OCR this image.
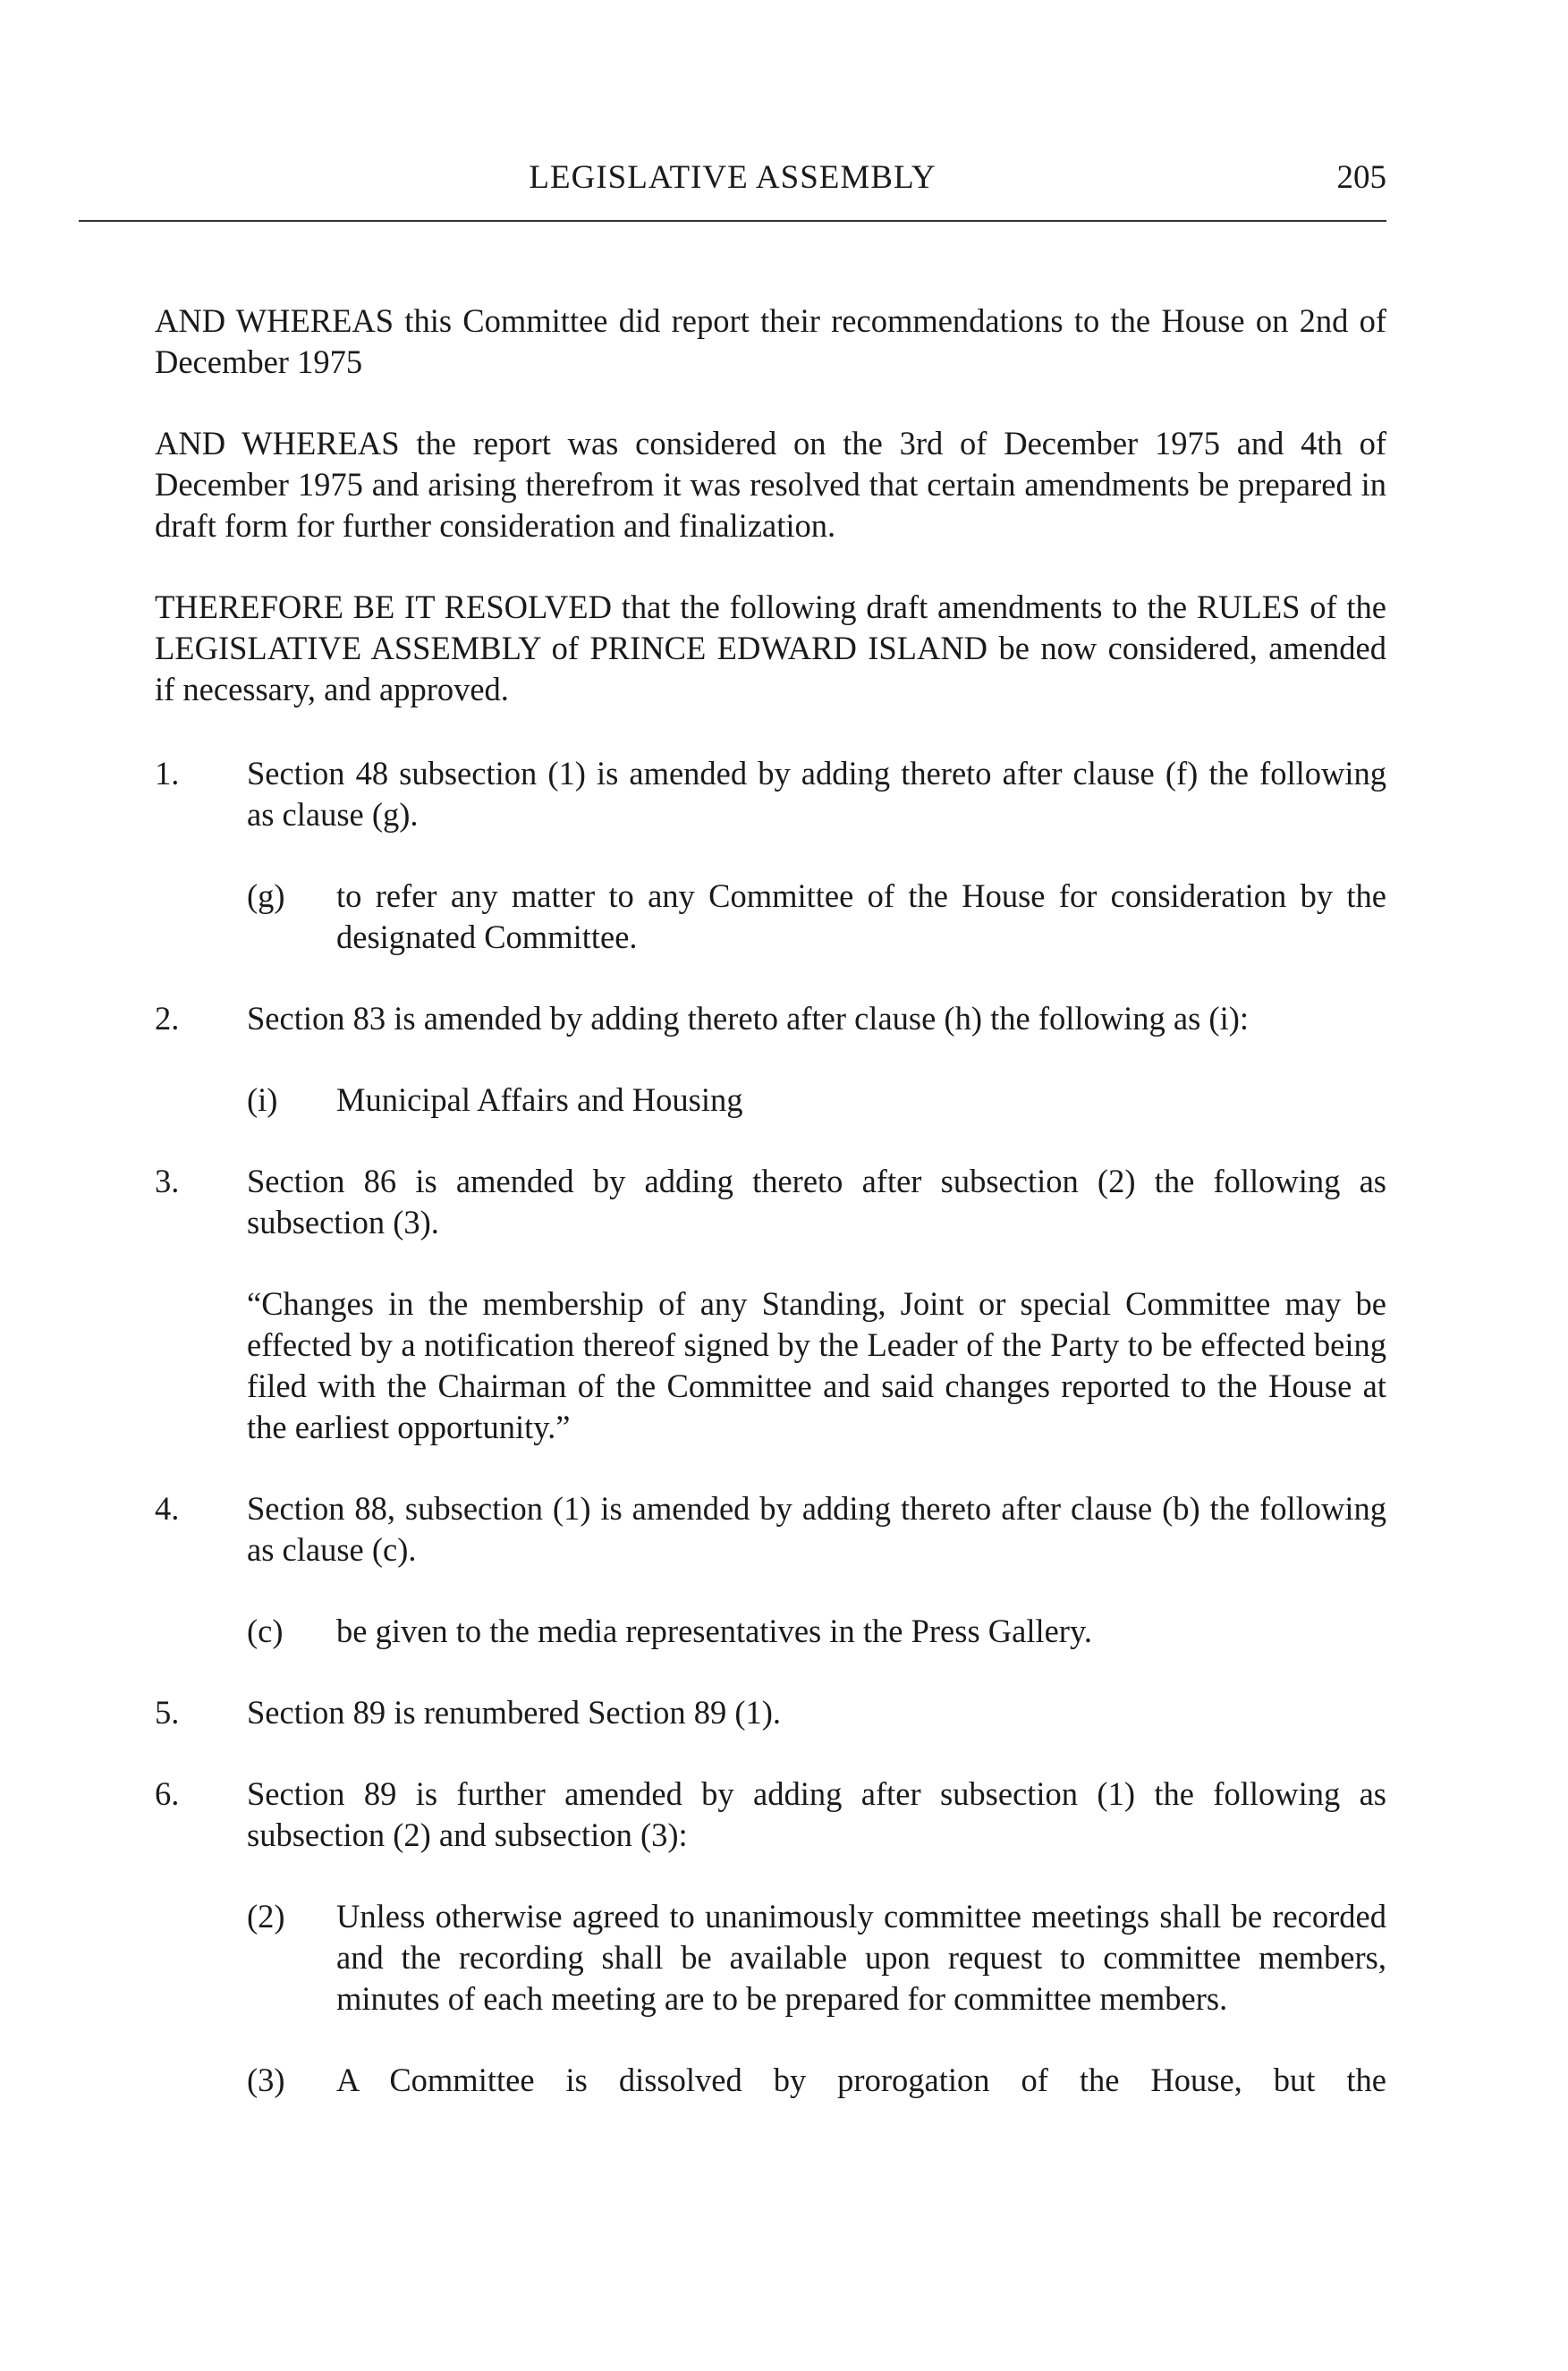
LEGISLATIVE ASSEMBLY	205

AND WHEREAS this Committee did report their recommendations to the House on 2nd of December 1975

AND WHEREAS the report was considered on the 3rd of December 1975 and 4th of December 1975 and arising therefrom it was resolved that certain amendments be prepared in draft form for further consideration and finalization.

THEREFORE BE IT RESOLVED that the following draft amendments to the RULES of the LEGISLATIVE ASSEMBLY of PRINCE EDWARD ISLAND be now considered, amended if necessary, and approved.

1. Section 48 subsection (1) is amended by adding thereto after clause (f) the following as clause (g).

(g) to refer any matter to any Committee of the House for consideration by the designated Committee.

2. Section 83 is amended by adding thereto after clause (h) the following as (i):

(i) Municipal Affairs and Housing

3. Section 86 is amended by adding thereto after subsection (2) the following as subsection (3).

“Changes in the membership of any Standing, Joint or special Committee may be effected by a notification thereof signed by the Leader of the Party to be effected being filed with the Chairman of the Committee and said changes reported to the House at the earliest opportunity.”

4. Section 88, subsection (1) is amended by adding thereto after clause (b) the following as clause (c).

(c) be given to the media representatives in the Press Gallery.

5. Section 89 is renumbered Section 89 (1).

6. Section 89 is further amended by adding after subsection (1) the following as subsection (2) and subsection (3):

(2) Unless otherwise agreed to unanimously committee meetings shall be recorded and the recording shall be available upon request to committee members, minutes of each meeting are to be prepared for committee members.

(3) A Committee is dissolved by prorogation of the House, but the
